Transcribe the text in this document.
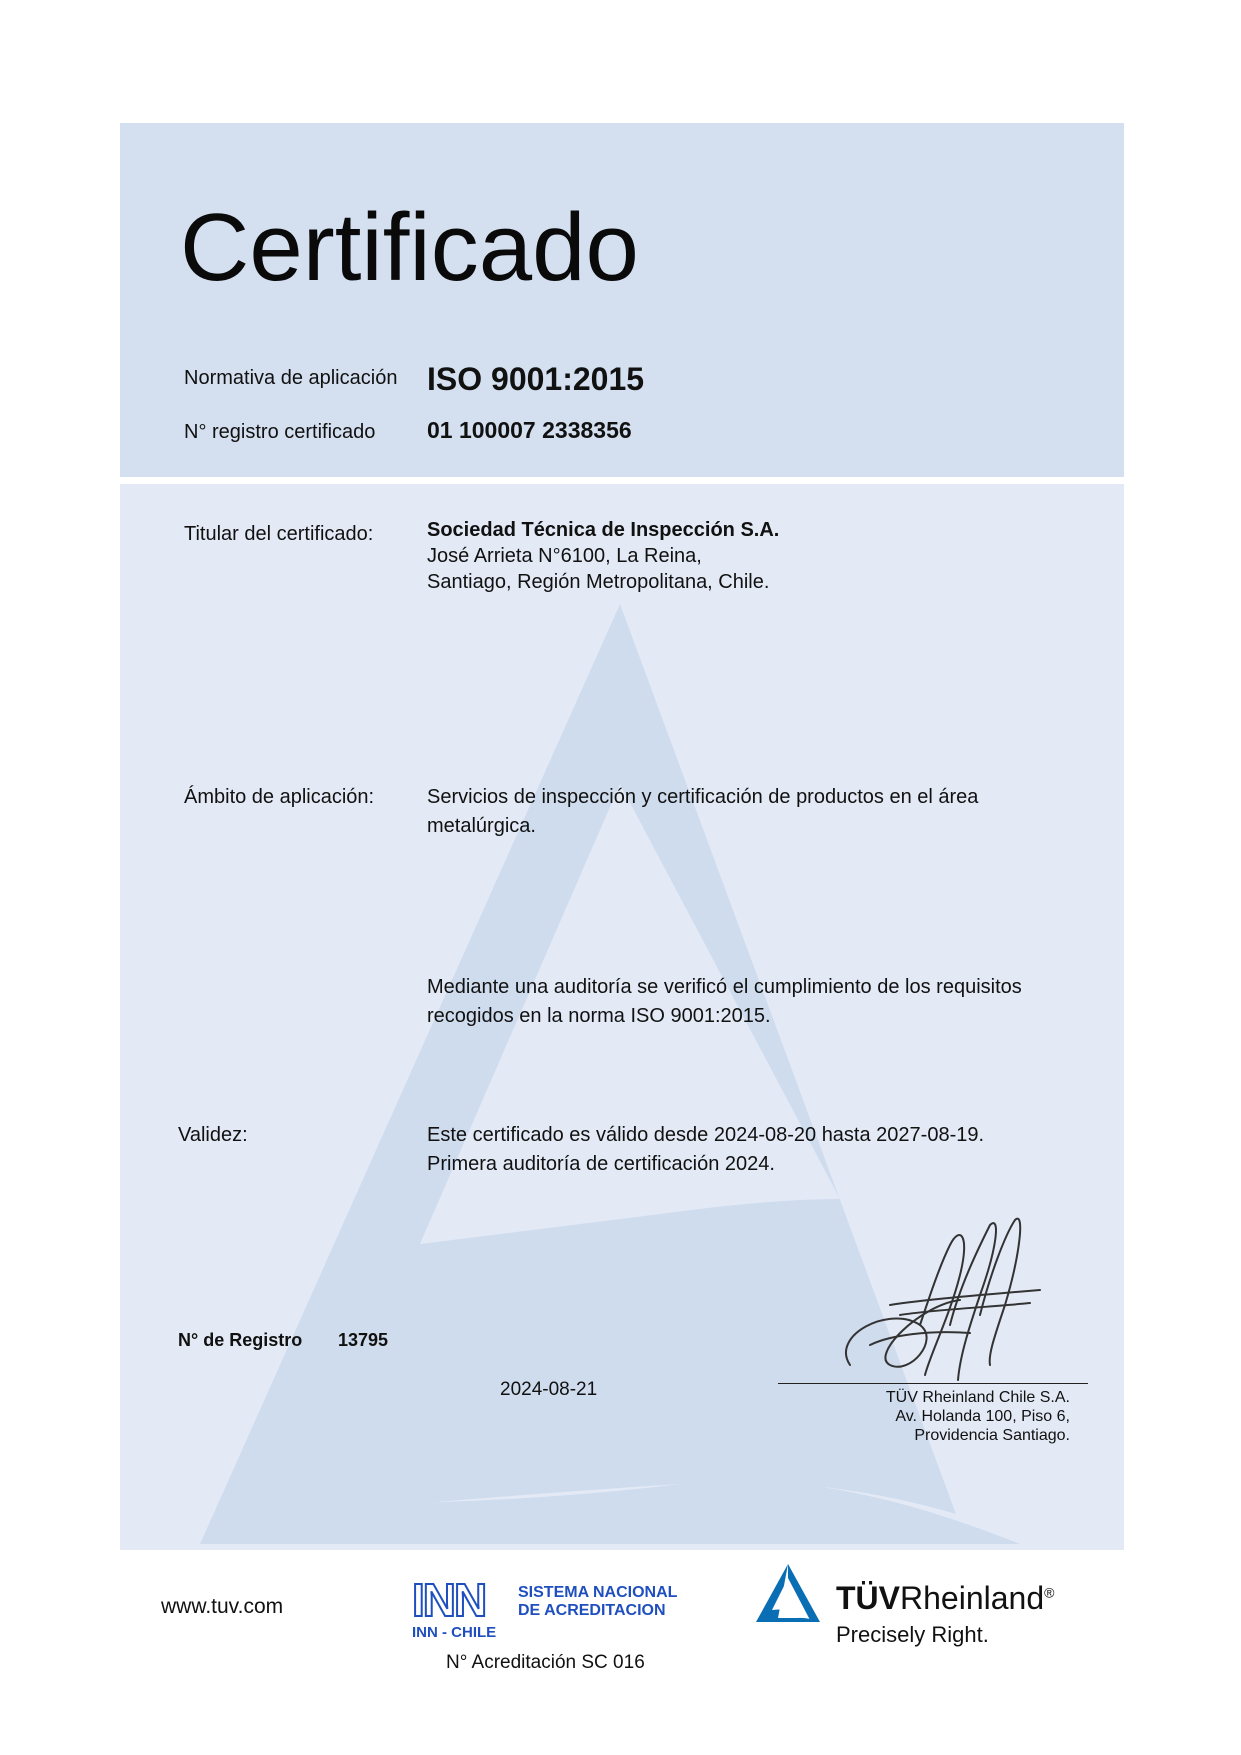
Certificado
Normativa de aplicación ISO 9001:2015
N° registro certificado 01 100007 2338356
Titular del certificado:	Sociedad Técnica de Inspección S.A.
José Arrieta N°6100, La Reina,
Santiago, Región Metropolitana, Chile.
Ámbito de aplicación:	Servicios de inspección y certificación de productos en el área
metalúrgica.
Mediante una auditoría se verificó el cumplimiento de los requisitos
recogidos en la norma ISO 9001:2015.
Validez:	Este certificado es válido desde 2024-08-20 hasta 2027-08-19.
Primera auditoría de certificación 2024.
N° de Registro 13795
2024-08-21	TÜV Rheinland Chile S.A.
Av. Holanda 100, Piso 6,
Providencia Santiago.
www.tuv.com	INN SISTEMA NACIONAL
DE ACREDITACION
INN - CHILE
N° Acreditación SC 016
TÜVRheinland®
Precisely Right.
